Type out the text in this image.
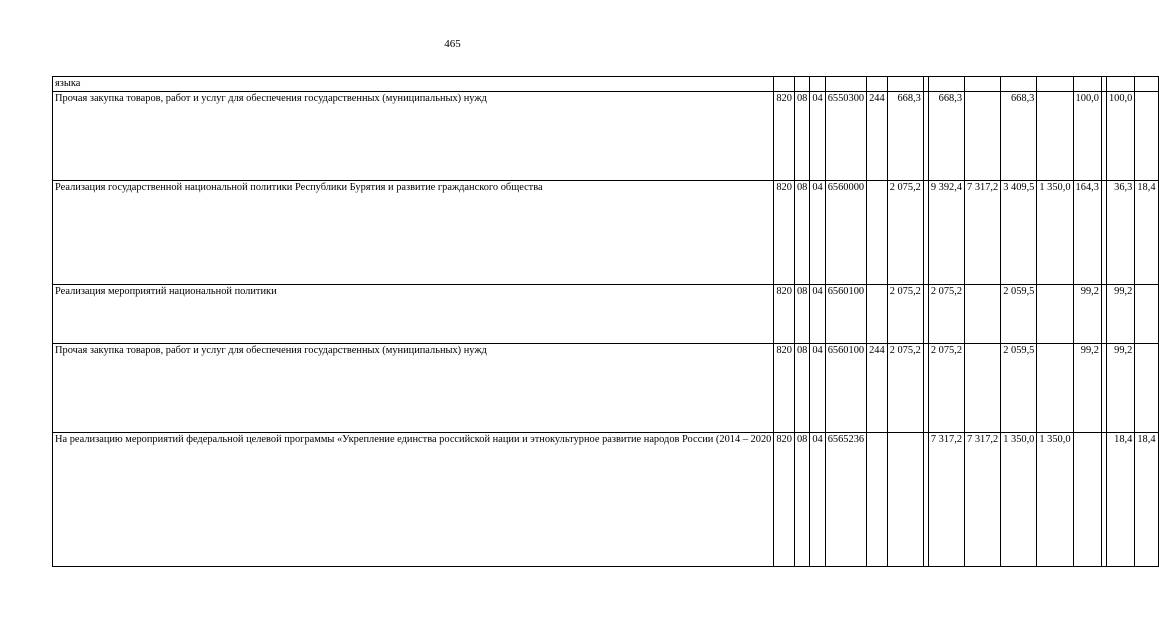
465
языка															
Прочая закупка товаров, работ и услуг для обеспечения государственных (муниципальных) нужд	820	08	04	6550300	244	668,3		668,3		668,3		100,0		100,0	
Реализация государственной национальной политики Республики Бурятия и развитие гражданского общества	820	08	04	6560000		2 075,2		9 392,4	7 317,2	3 409,5	1 350,0	164,3		36,3	18,4
Реализация мероприятий национальной политики	820	08	04	6560100		2 075,2		2 075,2		2 059,5		99,2		99,2	
Прочая закупка товаров, работ и услуг для обеспечения государственных (муниципальных) нужд	820	08	04	6560100	244	2 075,2		2 075,2		2 059,5		99,2		99,2	
На реализацию мероприятий федеральной целевой программы «Укрепление единства российской нации и этнокультурное развитие народов России (2014 – 2020	820	08	04	6565236				7 317,2	7 317,2	1 350,0	1 350,0			18,4	18,4
